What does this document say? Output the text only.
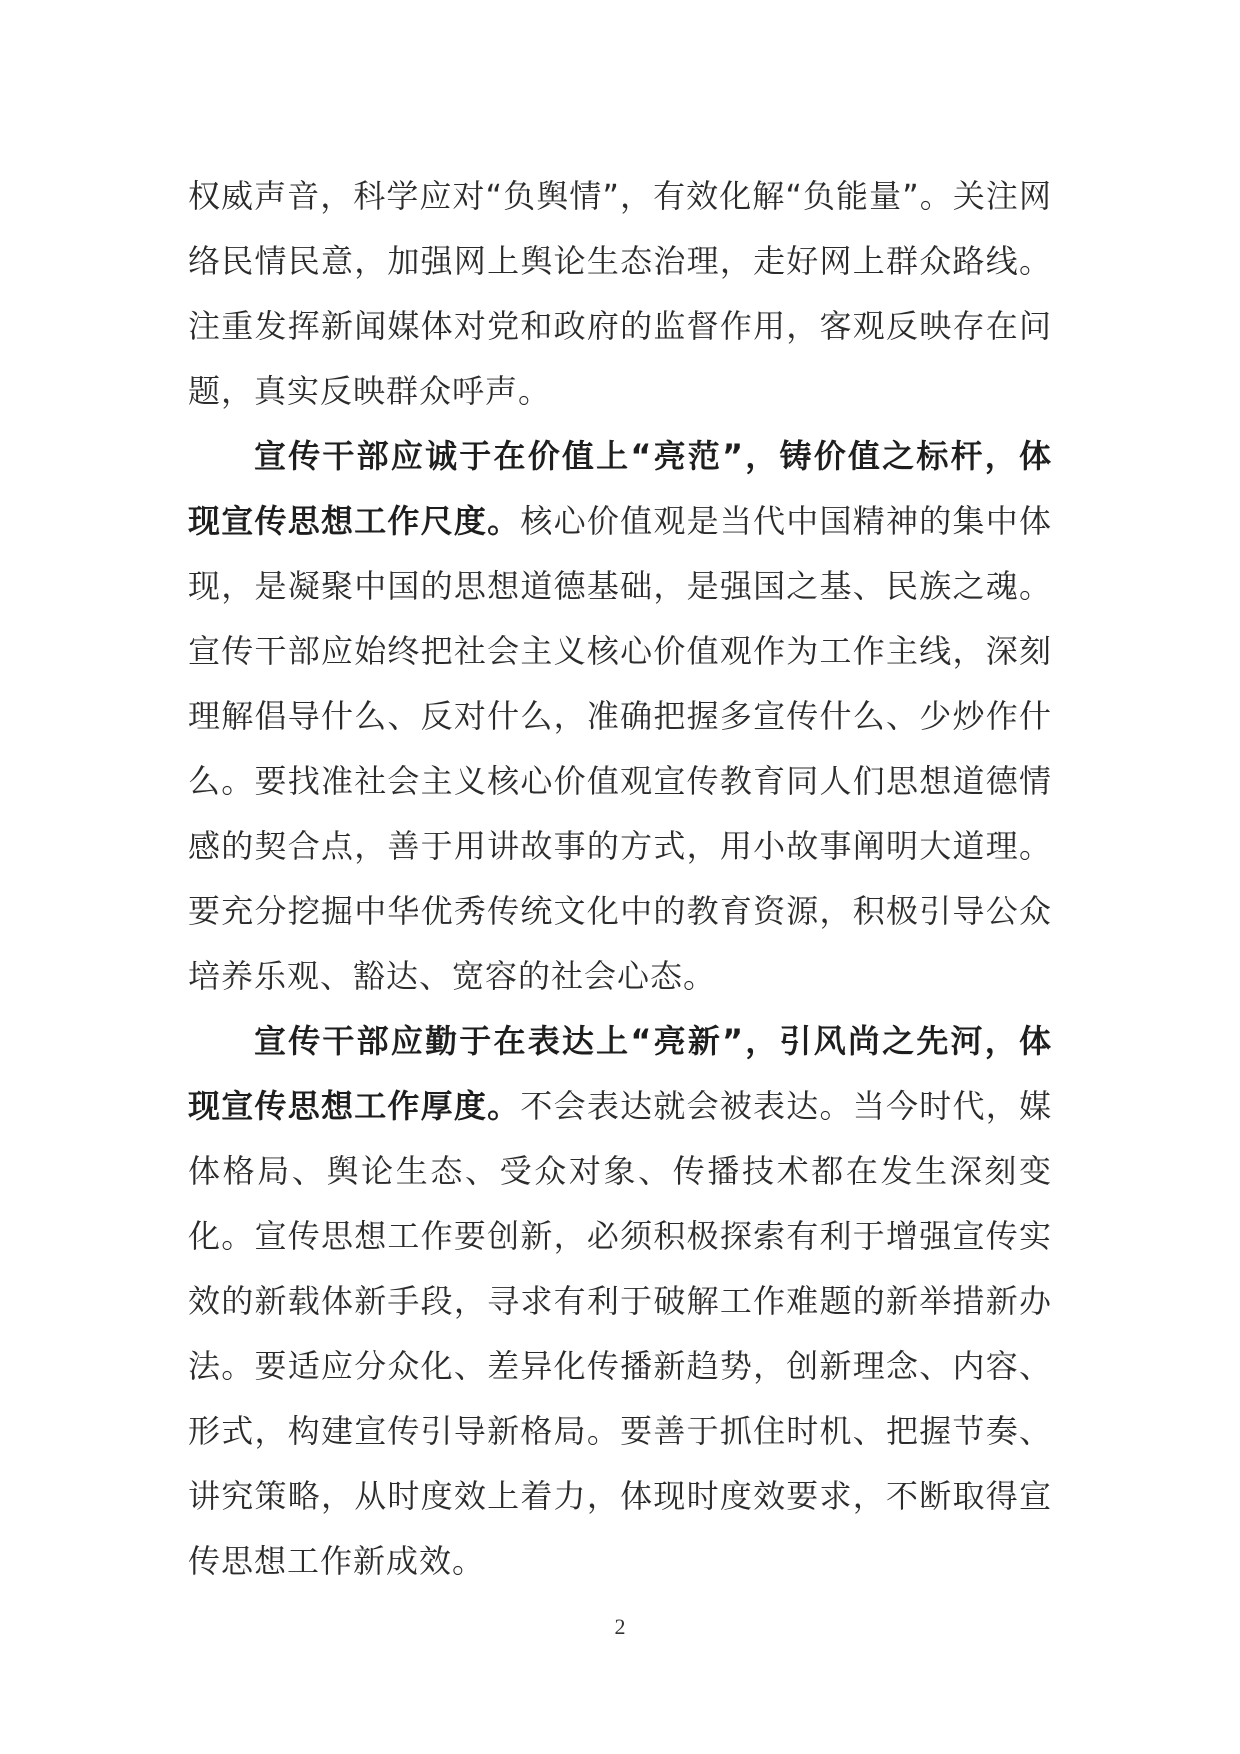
权威声音，科学应对“负舆情”，有效化解“负能量”。关注网络民情民意，加强网上舆论生态治理，走好网上群众路线。注重发挥新闻媒体对党和政府的监督作用，客观反映存在问题，真实反映群众呼声。

宣传干部应诚于在价值上“亮范”，铸价值之标杆，体现宣传思想工作尺度。核心价值观是当代中国精神的集中体现，是凝聚中国的思想道德基础，是强国之基、民族之魂。宣传干部应始终把社会主义核心价值观作为工作主线，深刻理解倡导什么、反对什么，准确把握多宣传什么、少炒作什么。要找准社会主义核心价值观宣传教育同人们思想道德情感的契合点，善于用讲故事的方式，用小故事阐明大道理。要充分挖掘中华优秀传统文化中的教育资源，积极引导公众培养乐观、豁达、宽容的社会心态。

宣传干部应勤于在表达上“亮新”，引风尚之先河，体现宣传思想工作厚度。不会表达就会被表达。当今时代，媒体格局、舆论生态、受众对象、传播技术都在发生深刻变化。宣传思想工作要创新，必须积极探索有利于增强宣传实效的新载体新手段，寻求有利于破解工作难题的新举措新办法。要适应分众化、差异化传播新趋势，创新理念、内容、形式，构建宣传引导新格局。要善于抓住时机、把握节奏、讲究策略，从时度效上着力，体现时度效要求，不断取得宣传思想工作新成效。

2
